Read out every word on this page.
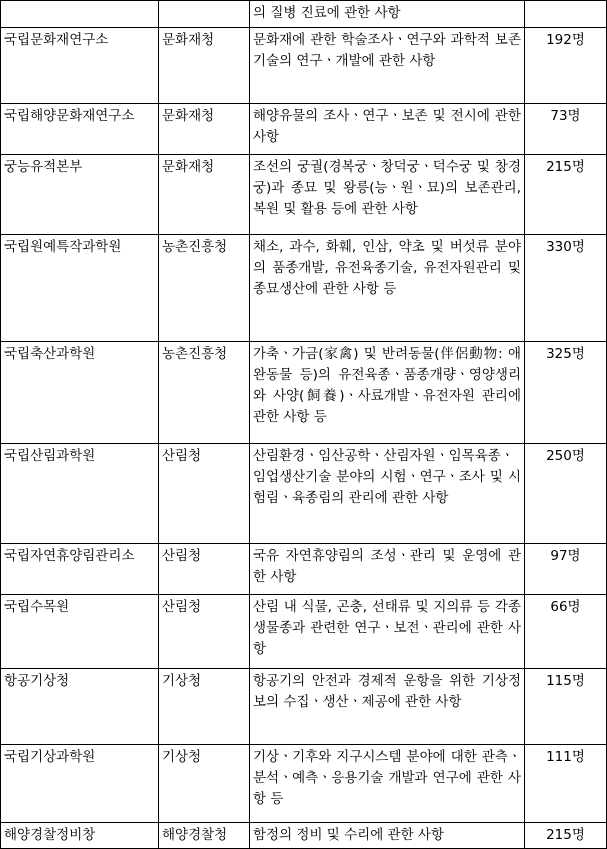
		의 질병 진료에 관한 사항	
국립문화재연구소	문화재청	문화재에 관한 학술조사ㆍ연구와 과학적 보존 기술의 연구ㆍ개발에 관한 사항	192명
국립해양문화재연구소	문화재청	해양유물의 조사ㆍ연구ㆍ보존 및 전시에 관한 사항	73명
궁능유적본부	문화재청	조선의 궁궐(경복궁ㆍ창덕궁ㆍ덕수궁 및 창경궁)과 종묘 및 왕릉(능ㆍ원ㆍ묘)의 보존관리, 복원 및 활용 등에 관한 사항	215명
국립원예특작과학원	농촌진흥청	채소, 과수, 화훼, 인삼, 약초 및 버섯류 분야의 품종개발, 유전육종기술, 유전자원관리 및 종묘생산에 관한 사항 등	330명
국립축산과학원	농촌진흥청	가축ㆍ가금(家禽) 및 반려동물(伴侶動物: 애완동물 등)의 유전육종ㆍ품종개량ㆍ영양생리와 사양(飼養)ㆍ사료개발ㆍ유전자원 관리에 관한 사항 등	325명
국립산림과학원	산림청	산림환경ㆍ임산공학ㆍ산림자원ㆍ임목육종ㆍ임업생산기술 분야의 시험ㆍ연구ㆍ조사 및 시험림ㆍ육종림의 관리에 관한 사항	250명
국립자연휴양림관리소	산림청	국유 자연휴양림의 조성ㆍ관리 및 운영에 관한 사항	97명
국립수목원	산림청	산림 내 식물, 곤충, 선태류 및 지의류 등 각종 생물종과 관련한 연구ㆍ보전ㆍ관리에 관한 사항	66명
항공기상청	기상청	항공기의 안전과 경제적 운항을 위한 기상정보의 수집ㆍ생산ㆍ제공에 관한 사항	115명
국립기상과학원	기상청	기상ㆍ기후와 지구시스템 분야에 대한 관측ㆍ분석ㆍ예측ㆍ응용기술 개발과 연구에 관한 사항 등	111명
해양경찰정비창	해양경찰청	함정의 정비 및 수리에 관한 사항	215명
